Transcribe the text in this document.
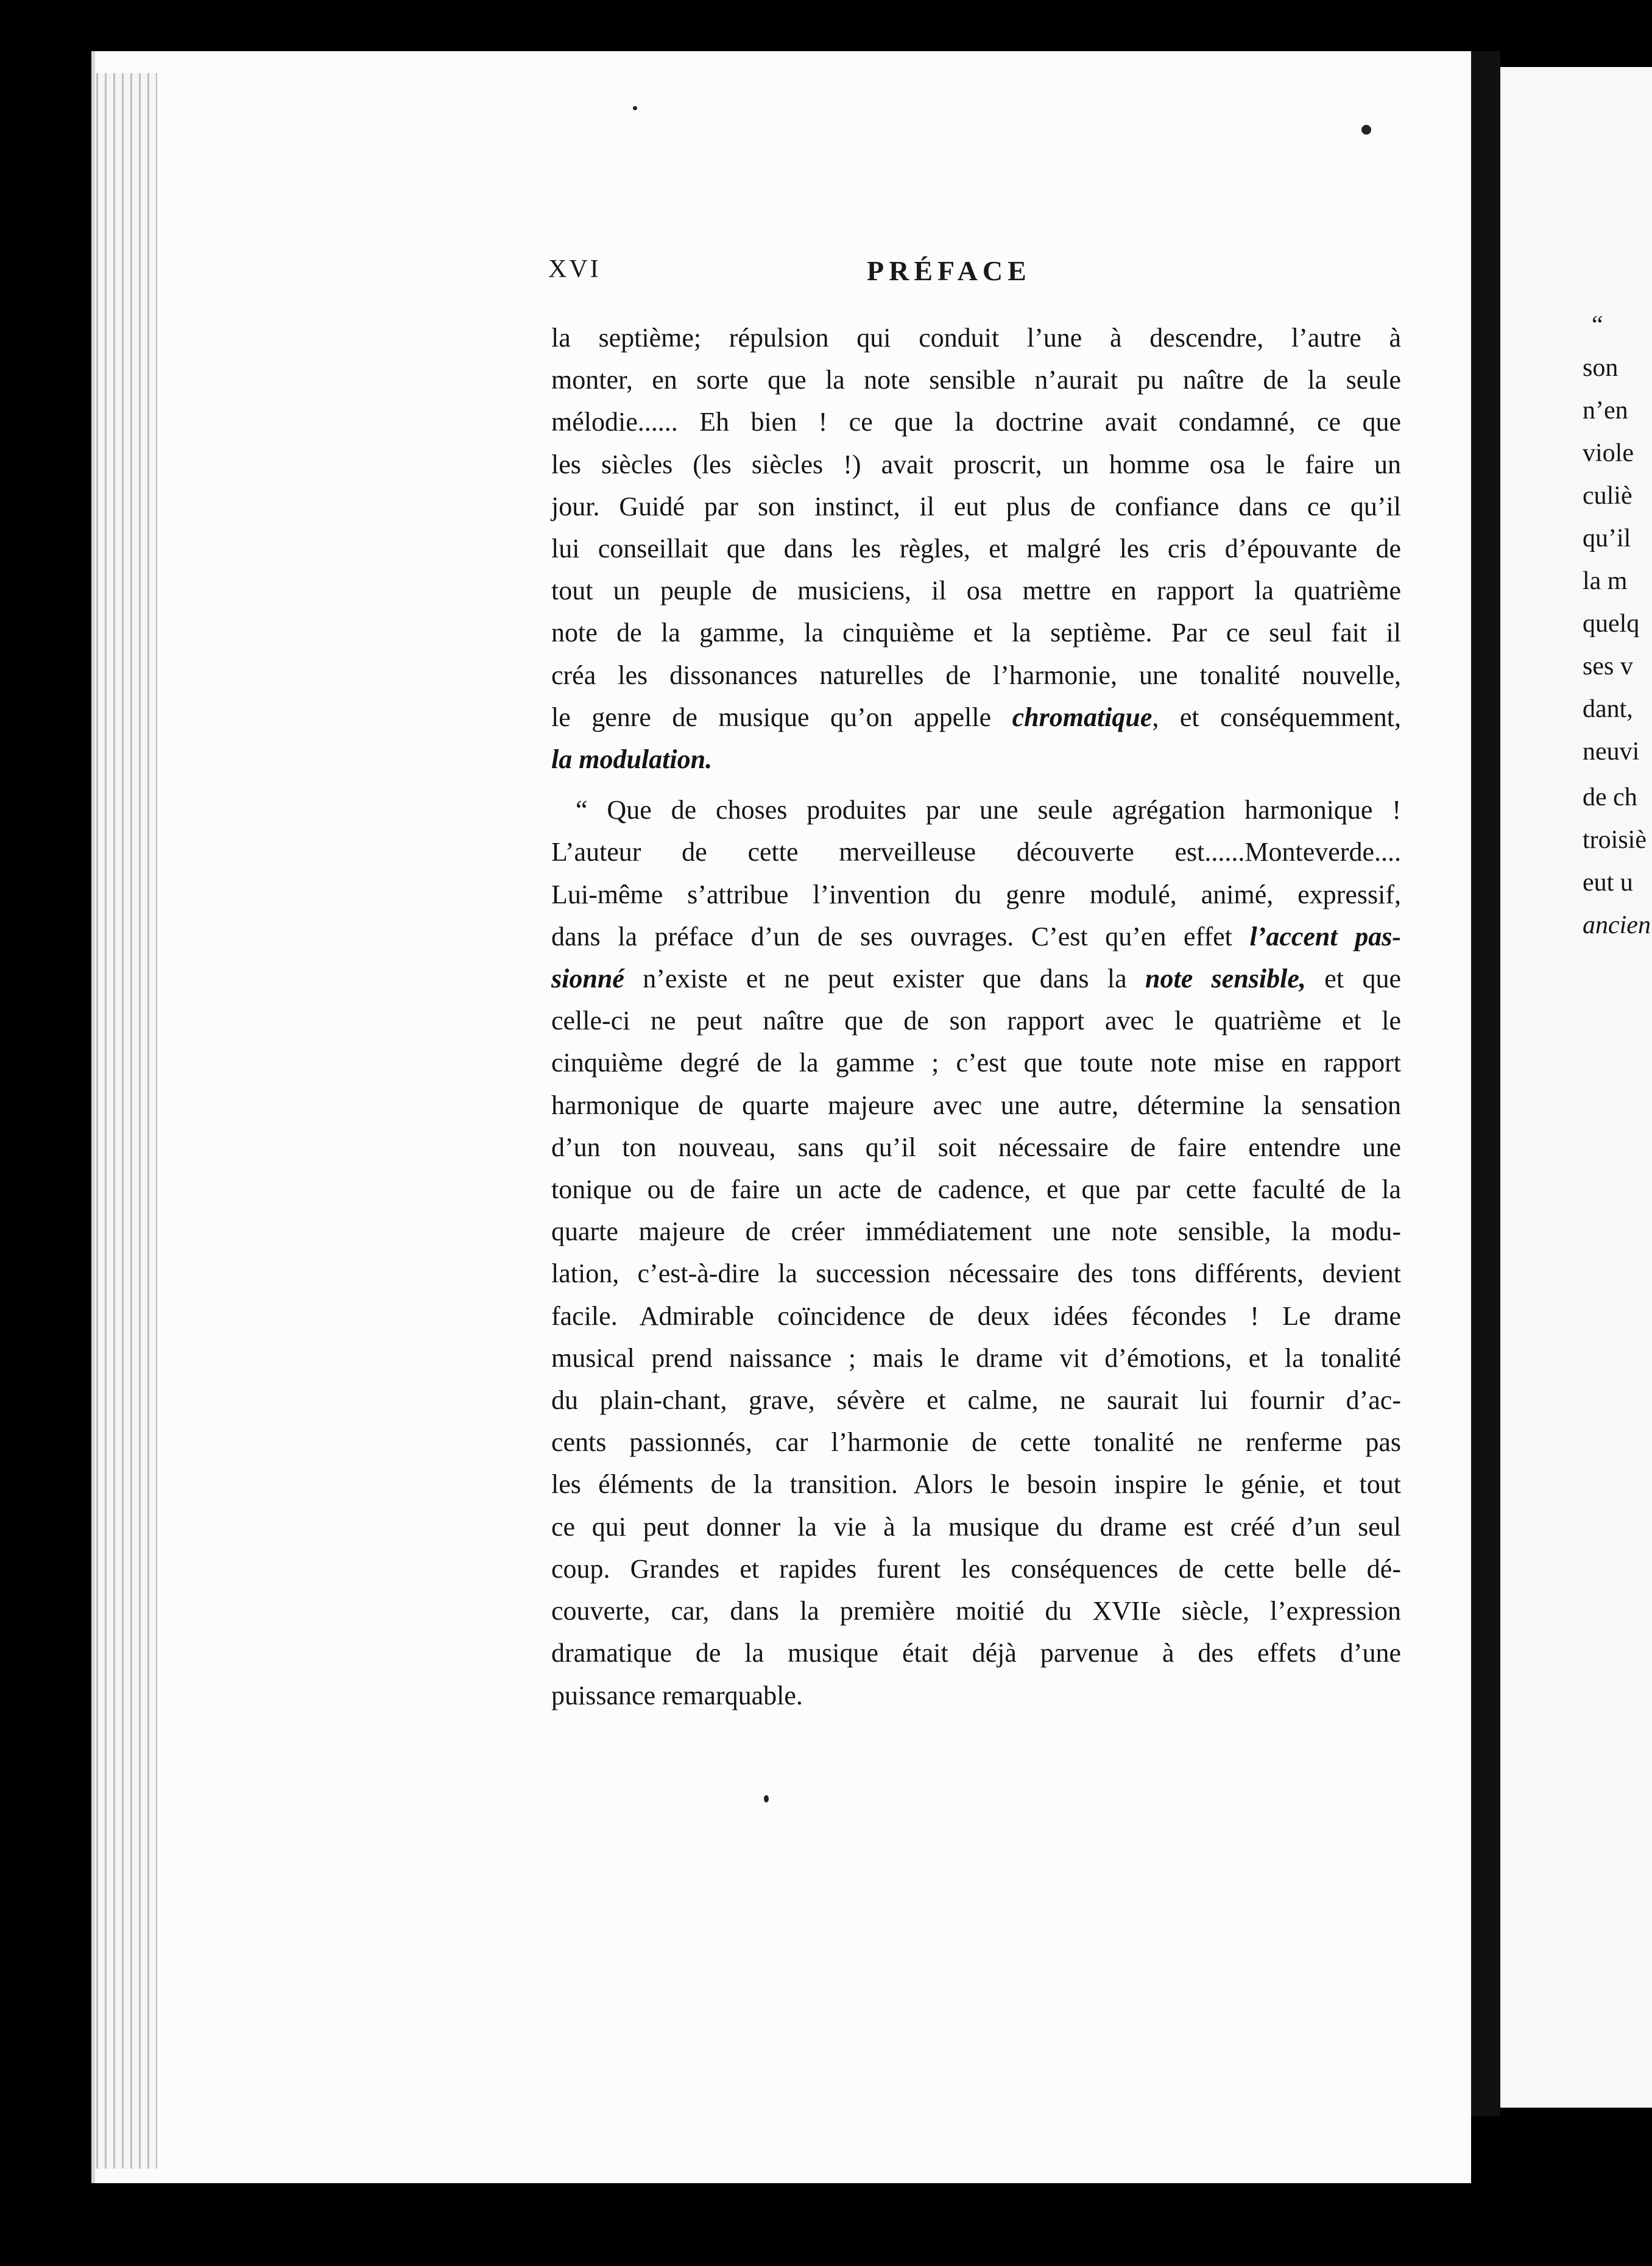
“
son
n’en
viole
culiè
qu’il
la m
quelq
ses v
dant,
neuvi
de ch
troisiè
eut u
ancien
XVI	PRÉFACE
la septième; répulsion qui conduit l’une à descendre, l’autre à
monter, en sorte que la note sensible n’aurait pu naître de la seule
mélodie...... Eh bien ! ce que la doctrine avait condamné, ce que
les siècles (les siècles !) avait proscrit, un homme osa le faire un
jour. Guidé par son instinct, il eut plus de confiance dans ce qu’il
lui conseillait que dans les règles, et malgré les cris d’épouvante de
tout un peuple de musiciens, il osa mettre en rapport la quatrième
note de la gamme, la cinquième et la septième. Par ce seul fait il
créa les dissonances naturelles de l’harmonie, une tonalité nouvelle,
le genre de musique qu’on appelle chromatique, et conséquemment,
la modulation.
“ Que de choses produites par une seule agrégation harmonique !
L’auteur de cette merveilleuse découverte est......Monteverde....
Lui-même s’attribue l’invention du genre modulé, animé, expressif,
dans la préface d’un de ses ouvrages. C’est qu’en effet l’accent pas-
sionné n’existe et ne peut exister que dans la note sensible, et que
celle-ci ne peut naître que de son rapport avec le quatrième et le
cinquième degré de la gamme ; c’est que toute note mise en rapport
harmonique de quarte majeure avec une autre, détermine la sensation
d’un ton nouveau, sans qu’il soit nécessaire de faire entendre une
tonique ou de faire un acte de cadence, et que par cette faculté de la
quarte majeure de créer immédiatement une note sensible, la modu-
lation, c’est-à-dire la succession nécessaire des tons différents, devient
facile. Admirable coïncidence de deux idées fécondes ! Le drame
musical prend naissance ; mais le drame vit d’émotions, et la tonalité
du plain-chant, grave, sévère et calme, ne saurait lui fournir d’ac-
cents passionnés, car l’harmonie de cette tonalité ne renferme pas
les éléments de la transition. Alors le besoin inspire le génie, et tout
ce qui peut donner la vie à la musique du drame est créé d’un seul
coup. Grandes et rapides furent les conséquences de cette belle dé-
couverte, car, dans la première moitié du XVIIe siècle, l’expression
dramatique de la musique était déjà parvenue à des effets d’une
puissance remarquable.
